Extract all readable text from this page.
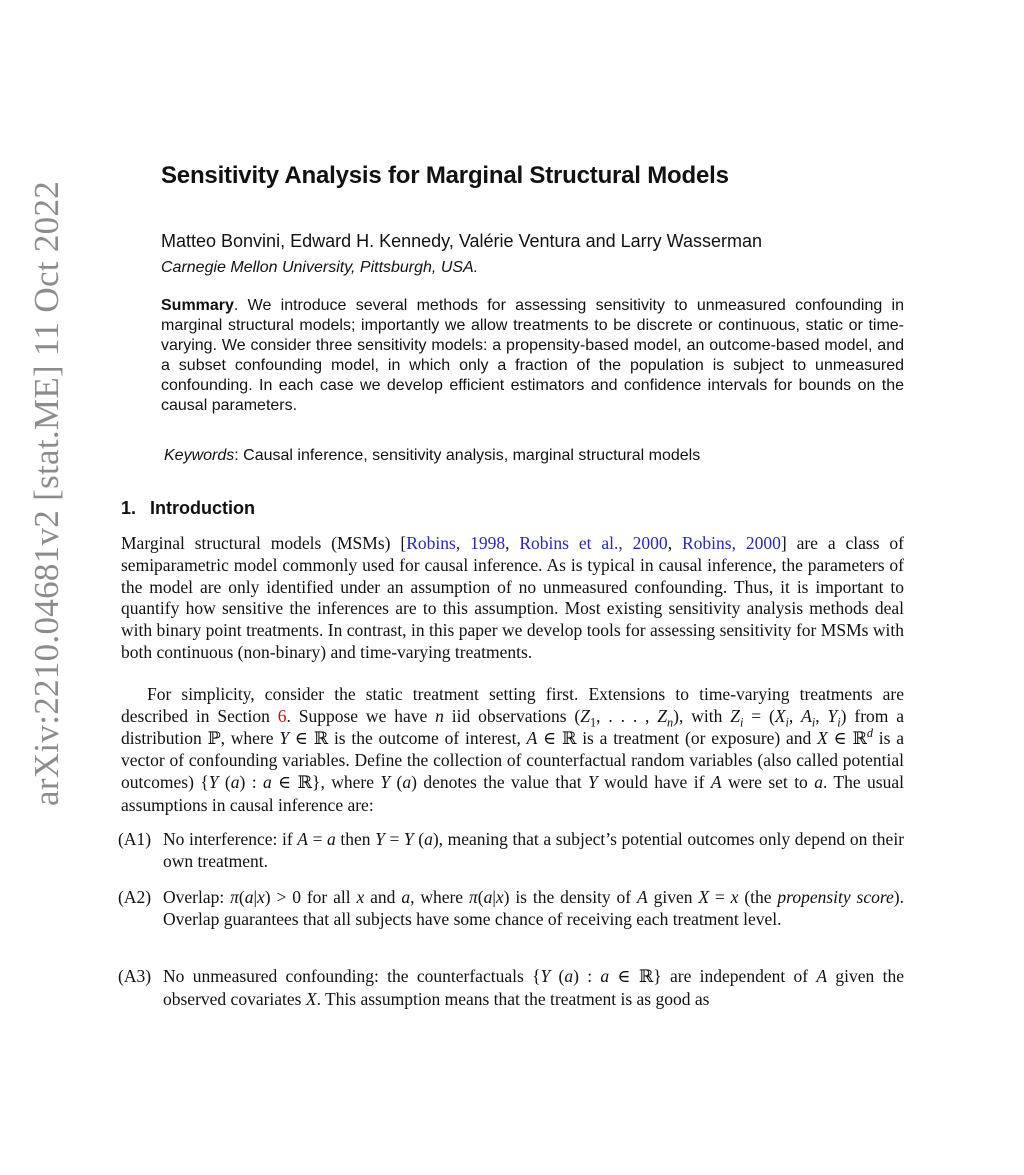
arXiv:2210.04681v2 [stat.ME] 11 Oct 2022
Sensitivity Analysis for Marginal Structural Models
Matteo Bonvini, Edward H. Kennedy, Valérie Ventura and Larry Wasserman
Carnegie Mellon University, Pittsburgh, USA.
Summary. We introduce several methods for assessing sensitivity to unmeasured confounding in marginal structural models; importantly we allow treatments to be discrete or continuous, static or time-varying. We consider three sensitivity models: a propensity-based model, an outcome-based model, and a subset confounding model, in which only a fraction of the population is subject to unmeasured confounding. In each case we develop efficient estimators and confidence intervals for bounds on the causal parameters.
Keywords: Causal inference, sensitivity analysis, marginal structural models
1. Introduction

Marginal structural models (MSMs) [Robins, 1998, Robins et al., 2000, Robins, 2000] are a class of semiparametric model commonly used for causal inference. As is typical in causal inference, the parameters of the model are only identified under an assumption of no unmeasured confounding. Thus, it is important to quantify how sensitive the inferences are to this assumption. Most existing sensitivity analysis methods deal with binary point treatments. In contrast, in this paper we develop tools for assessing sensitivity for MSMs with both continuous (non-binary) and time-varying treatments.

For simplicity, consider the static treatment setting first. Extensions to time-varying treatments are described in Section 6. Suppose we have n iid observations ($Z_1$, . . . , $Z_n$), with $Z_i = (X_i$, $A_i$, $Y_i$) from a distribution ℙ, where Y ∈ ℝ is the outcome of interest, A ∈ ℝ is a treatment (or exposure) and X ∈ ℝ$^d$ is a vector of confounding variables. Define the collection of counterfactual random variables (also called potential outcomes) {Y (a) : a ∈ ℝ}, where Y (a) denotes the value that Y would have if A were set to a. The usual assumptions in causal inference are:

(A1) No interference: if A = a then Y = Y (a), meaning that a subject’s potential outcomes only depend on their own treatment.
(A2) Overlap: π(a|x) > 0 for all x and a, where π(a|x) is the density of A given X = x (the propensity score). Overlap guarantees that all subjects have some chance of receiving each treatment level.
(A3) No unmeasured confounding: the counterfactuals {Y (a) : a ∈ ℝ} are independent of A given the observed covariates X. This assumption means that the treatment is as good as
